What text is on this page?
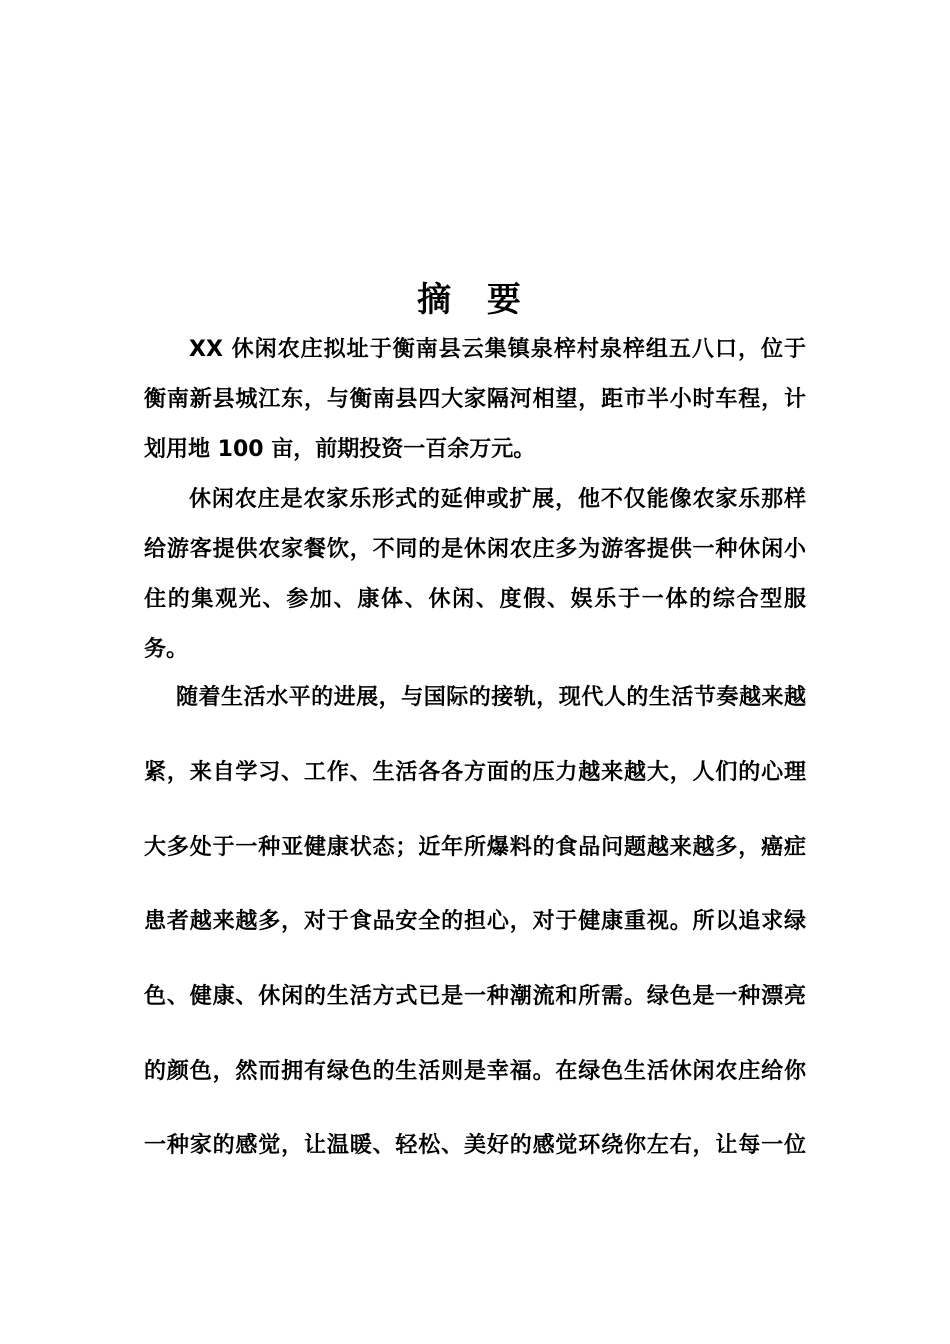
摘 要
XX 休闲农庄拟址于衡南县云集镇泉梓村泉梓组五八口，位于
衡南新县城江东，与衡南县四大家隔河相望，距市半小时车程，计
划用地 100 亩，前期投资一百余万元。
休闲农庄是农家乐形式的延伸或扩展，他不仅能像农家乐那样
给游客提供农家餐饮，不同的是休闲农庄多为游客提供一种休闲小
住的集观光、参加、康体、休闲、度假、娱乐于一体的综合型服
务。
随着生活水平的进展，与国际的接轨，现代人的生活节奏越来越
紧，来自学习、工作、生活各各方面的压力越来越大，人们的心理
大多处于一种亚健康状态；近年所爆料的食品问题越来越多，癌症
患者越来越多，对于食品安全的担心，对于健康重视。所以追求绿
色、健康、休闲的生活方式已是一种潮流和所需。绿色是一种漂亮
的颜色，然而拥有绿色的生活则是幸福。在绿色生活休闲农庄给你
一种家的感觉，让温暖、轻松、美好的感觉环绕你左右，让每一位
